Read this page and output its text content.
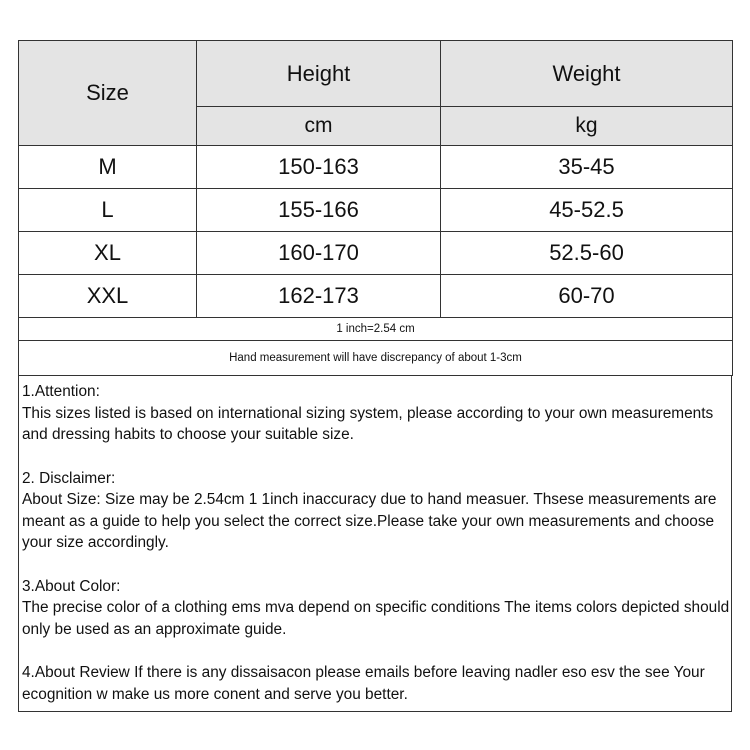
Size	Height	Weight
	cm	kg
M	150-163	35-45
L	155-166	45-52.5
XL	160-170	52.5-60
XXL	162-173	60-70
1 inch=2.54 cm		
Hand measurement will have discrepancy of about 1-3cm		

1.Attention:

This sizes listed is based on international sizing system, please according to your own measurements and dressing habits to choose your suitable size.

2. Disclaimer:

About Size: Size may be 2.54cm 1 1inch inaccuracy due to hand measuer. Thsese measurements are meant as a guide to help you select the correct size.Please take your own measurements and choose your size accordingly.

3.About Color:

The precise color of a clothing ems mva depend on specific conditions The items colors depicted should only be used as an approximate guide.

4.About Review If there is any dissaisacon please emails before leaving nadler eso esv the see Your ecognition w make us more conent and serve you better.
